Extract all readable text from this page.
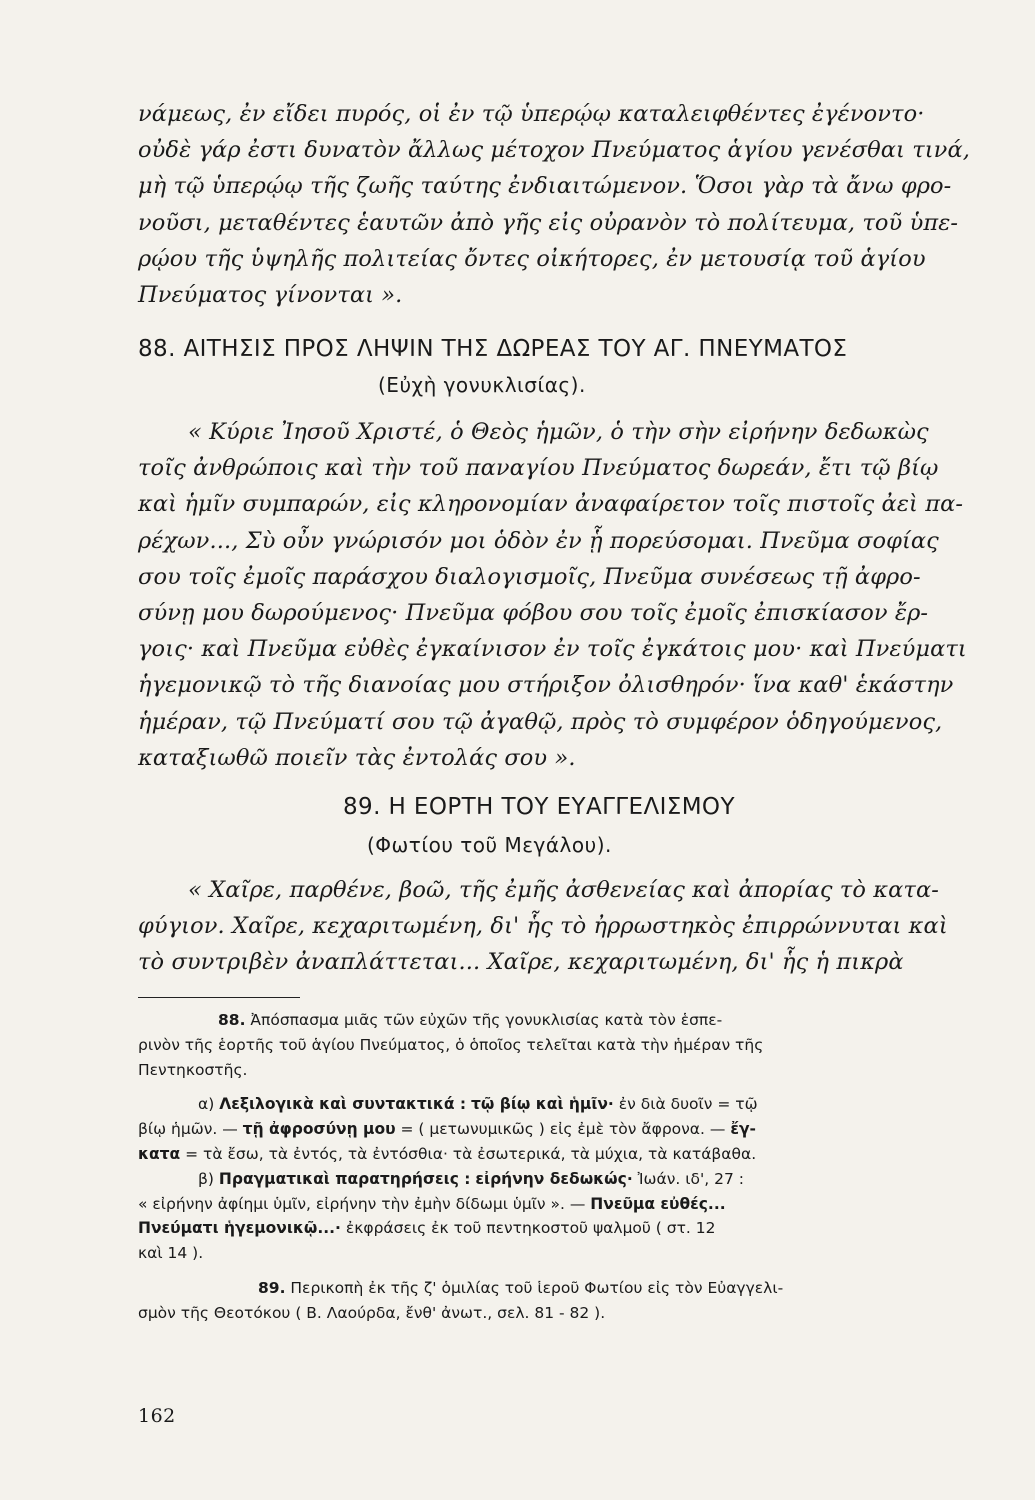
νάμεως, ἐν εἴδει πυρός, οἱ ἐν τῷ ὑπερῴῳ καταλειφθέντες ἐγένοντο·
οὐδὲ γάρ ἐστι δυνατὸν ἄλλως μέτοχον Πνεύματος ἁγίου γενέσθαι τινά,
μὴ τῷ ὑπερῴῳ τῆς ζωῆς ταύτης ἐνδιαιτώμενον. Ὅσοι γὰρ τὰ ἄνω φρο-
νοῦσι, μεταθέντες ἑαυτῶν ἀπὸ γῆς εἰς οὐρανὸν τὸ πολίτευμα, τοῦ ὑπε-
ρῴου τῆς ὑψηλῆς πολιτείας ὄντες οἰκήτορες, ἐν μετουσίᾳ τοῦ ἁγίου
Πνεύματος γίνονται ».
88. ΑΙΤΗΣΙΣ ΠΡΟΣ ΛΗΨΙΝ ΤΗΣ ΔΩΡΕΑΣ ΤΟΥ ΑΓ. ΠΝΕΥΜΑΤΟΣ
(Εὐχὴ γονυκλισίας).
« Κύριε Ἰησοῦ Χριστέ, ὁ Θεὸς ἡμῶν, ὁ τὴν σὴν εἰρήνην δεδωκὼς
τοῖς ἀνθρώποις καὶ τὴν τοῦ παναγίου Πνεύματος δωρεάν, ἔτι τῷ βίῳ
καὶ ἡμῖν συμπαρών, εἰς κληρονομίαν ἀναφαίρετον τοῖς πιστοῖς ἀεὶ πα-
ρέχων..., Σὺ οὖν γνώρισόν μοι ὁδὸν ἐν ᾗ πορεύσομαι. Πνεῦμα σοφίας
σου τοῖς ἐμοῖς παράσχου διαλογισμοῖς, Πνεῦμα συνέσεως τῇ ἀφρο-
σύνῃ μου δωρούμενος· Πνεῦμα φόβου σου τοῖς ἐμοῖς ἐπισκίασον ἔρ-
γοις· καὶ Πνεῦμα εὐθὲς ἐγκαίνισον ἐν τοῖς ἐγκάτοις μου· καὶ Πνεύματι
ἡγεμονικῷ τὸ τῆς διανοίας μου στήριξον ὀλισθηρόν· ἵνα καθ' ἑκάστην
ἡμέραν, τῷ Πνεύματί σου τῷ ἀγαθῷ, πρὸς τὸ συμφέρον ὁδηγούμενος,
καταξιωθῶ ποιεῖν τὰς ἐντολάς σου ».
89. Η ΕΟΡΤΗ ΤΟΥ ΕΥΑΓΓΕΛΙΣΜΟΥ
(Φωτίου τοῦ Μεγάλου).
« Χαῖρε, παρθένε, βοῶ, τῆς ἐμῆς ἀσθενείας καὶ ἀπορίας τὸ κατα-
φύγιον. Χαῖρε, κεχαριτωμένη, δι' ἧς τὸ ἠρρωστηκὸς ἐπιρρώννυται καὶ
τὸ συντριβὲν ἀναπλάττεται... Χαῖρε, κεχαριτωμένη, δι' ἧς ἡ πικρὰ
88. Ἀπόσπασμα μιᾶς τῶν εὐχῶν τῆς γονυκλισίας κατὰ τὸν ἑσπε-
ρινὸν τῆς ἑορτῆς τοῦ ἁγίου Πνεύματος, ὁ ὁποῖος τελεῖται κατὰ τὴν ἡμέραν τῆς
Πεντηκοστῆς.
α) Λεξιλογικὰ καὶ συντακτικά : τῷ βίῳ καὶ ἡμῖν· ἐν διὰ δυοῖν = τῷ
βίῳ ἡμῶν. — τῇ ἀφροσύνῃ μου = ( μετωνυμικῶς ) εἰς ἐμὲ τὸν ἄφρονα. — ἔγ-
κατα = τὰ ἔσω, τὰ ἐντός, τὰ ἐντόσθια· τὰ ἐσωτερικά, τὰ μύχια, τὰ κατάβαθα.
β) Πραγματικαὶ παρατηρήσεις : εἰρήνην δεδωκώς· Ἰωάν. ιδ', 27 :
« εἰρήνην ἀφίημι ὑμῖν, εἰρήνην τὴν ἐμὴν δίδωμι ὑμῖν ». — Πνεῦμα εὐθές...
Πνεύματι ἡγεμονικῷ...· ἐκφράσεις ἐκ τοῦ πεντηκοστοῦ ψαλμοῦ ( στ. 12
καὶ 14 ).
89. Περικοπὴ ἐκ τῆς ζ' ὁμιλίας τοῦ ἱεροῦ Φωτίου εἰς τὸν Εὐαγγελι-
σμὸν τῆς Θεοτόκου ( Β. Λαούρδα, ἔνθ' ἀνωτ., σελ. 81 - 82 ).
162
